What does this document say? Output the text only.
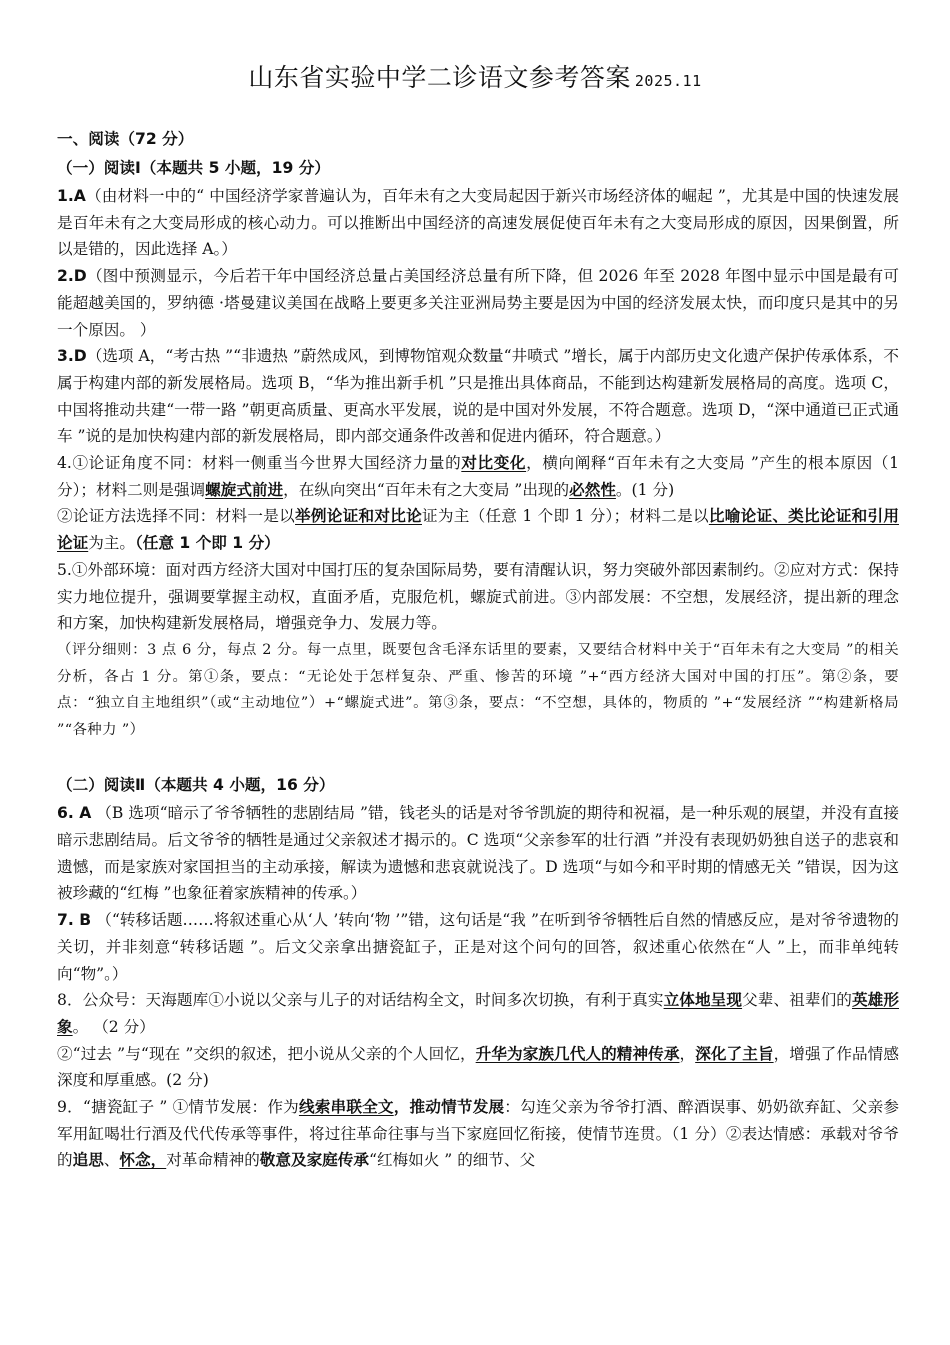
山东省实验中学二诊语文参考答案 2025.11

一、阅读（72 分）

（一）阅读Ⅰ（本题共 5 小题，19 分）

1.A（由材料一中的“ 中国经济学家普遍认为，百年未有之大变局起因于新兴市场经济体的崛起 ”，尤其是中国的快速发展是百年未有之大变局形成的核心动力。可以推断出中国经济的高速发展促使百年未有之大变局形成的原因，因果倒置，所以是错的，因此选择 A。）

2.D（图中预测显示，今后若干年中国经济总量占美国经济总量有所下降，但 2026 年至 2028 年图中显示中国是最有可能超越美国的，罗纳德 ·塔曼建议美国在战略上要更多关注亚洲局势主要是因为中国的经济发展太快，而印度只是其中的另一个原因。 ）

3.D（选项 A，“考古热 ”“非遗热 ”蔚然成风，到博物馆观众数量“井喷式 ”增长，属于内部历史文化遗产保护传承体系，不属于构建内部的新发展格局。选项 B，“华为推出新手机 ”只是推出具体商品，不能到达构建新发展格局的高度。选项 C，中国将推动共建“一带一路 ”朝更高质量、更高水平发展，说的是中国对外发展，不符合题意。选项 D，“深中通道已正式通车 ”说的是加快构建内部的新发展格局，即内部交通条件改善和促进内循环，符合题意。）

4.①论证角度不同：材料一侧重当今世界大国经济力量的对比变化，横向阐释“百年未有之大变局 ”产生的根本原因（1 分）；材料二则是强调螺旋式前进，在纵向突出“百年未有之大变局 ”出现的必然性。(1 分)

②论证方法选择不同：材料一是以举例论证和对比论证为主（任意 1 个即 1 分）；材料二是以比喻论证、类比论证和引用论证为主。（任意 1 个即 1 分）

5.①外部环境：面对西方经济大国对中国打压的复杂国际局势，要有清醒认识，努力突破外部因素制约。②应对方式：保持实力地位提升，强调要掌握主动权，直面矛盾，克服危机，螺旋式前进。③内部发展：不空想，发展经济，提出新的理念和方案，加快构建新发展格局，增强竞争力、发展力等。

（评分细则：3 点 6 分，每点 2 分。每一点里，既要包含毛泽东话里的要素，又要结合材料中关于“百年未有之大变局 ”的相关分析，各占 1 分。第①条，要点：“无论处于怎样复杂、严重、惨苦的环境 ”+“西方经济大国对中国的打压”。第②条，要点：“独立自主地组织”（或“主动地位”）+“螺旋式进”。第③条，要点：“不空想，具体的，物质的 ”+“发展经济 ”“构建新格局 ”“各种力 ”）

（二）阅读Ⅱ（本题共 4 小题，16 分）

6. A （B 选项“暗示了爷爷牺牲的悲剧结局 ”错，钱老头的话是对爷爷凯旋的期待和祝福，是一种乐观的展望，并没有直接暗示悲剧结局。后文爷爷的牺牲是通过父亲叙述才揭示的。C 选项“父亲参军的壮行酒 ”并没有表现奶奶独自送子的悲哀和遗憾，而是家族对家国担当的主动承接，解读为遗憾和悲哀就说浅了。D 选项“与如今和平时期的情感无关 ”错误，因为这被珍藏的“红梅 ”也象征着家族精神的传承。）

7. B （“转移话题……将叙述重心从‘人 ’转向‘物 ’”错，这句话是“我 ”在听到爷爷牺牲后自然的情感反应，是对爷爷遗物的关切，并非刻意“转移话题 ”。后文父亲拿出搪瓷缸子，正是对这个问句的回答，叙述重心依然在“人 ”上，而非单纯转向“物”。）

8．公众号：天海题库①小说以父亲与儿子的对话结构全文，时间多次切换，有利于真实立体地呈现父辈、祖辈们的英雄形象。 （2 分）

②“过去 ”与“现在 ”交织的叙述，把小说从父亲的个人回忆，升华为家族几代人的精神传承，深化了主旨，增强了作品情感深度和厚重感。(2 分)

9．“搪瓷缸子 ” ①情节发展：作为线索串联全文，推动情节发展：勾连父亲为爷爷打酒、醉酒误事、奶奶欲弃缸、父亲参军用缸喝壮行酒及代代传承等事件，将过往革命往事与当下家庭回忆衔接，使情节连贯。（1 分）②表达情感：承载对爷爷的追思、怀念，对革命精神的敬意及家庭传承“红梅如火 ” 的细节、父
